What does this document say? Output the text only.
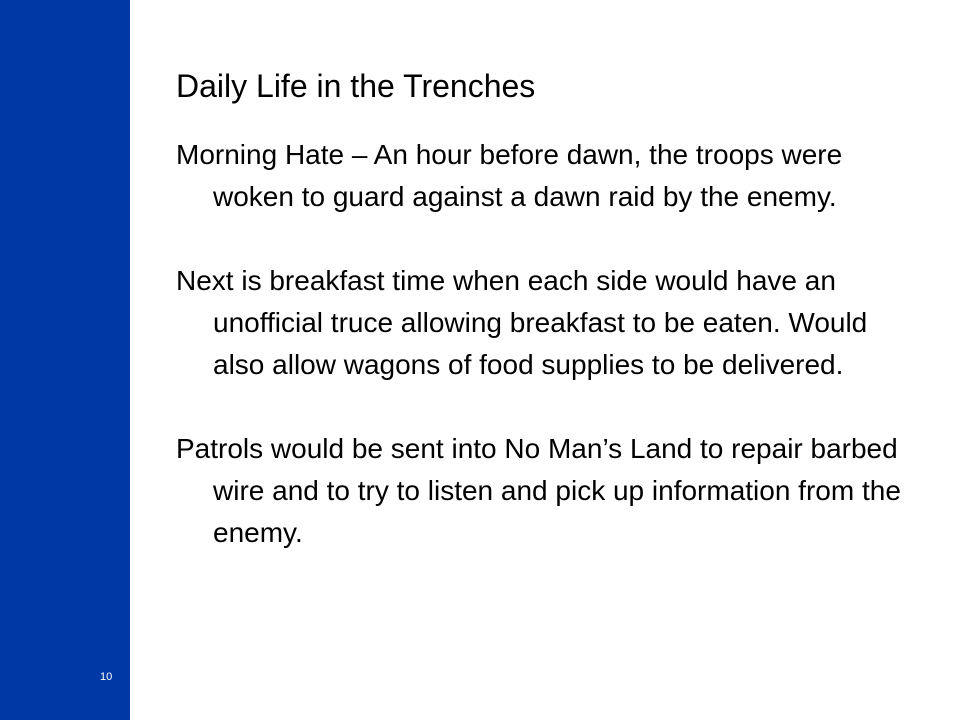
10
Daily Life in the Trenches

Morning Hate – An hour before dawn, the troops were woken to guard against a dawn raid by the enemy.

Next is breakfast time when each side would have an unofficial truce allowing breakfast to be eaten. Would also allow wagons of food supplies to be delivered.

Patrols would be sent into No Man’s Land to repair barbed wire and to try to listen and pick up information from the enemy.
